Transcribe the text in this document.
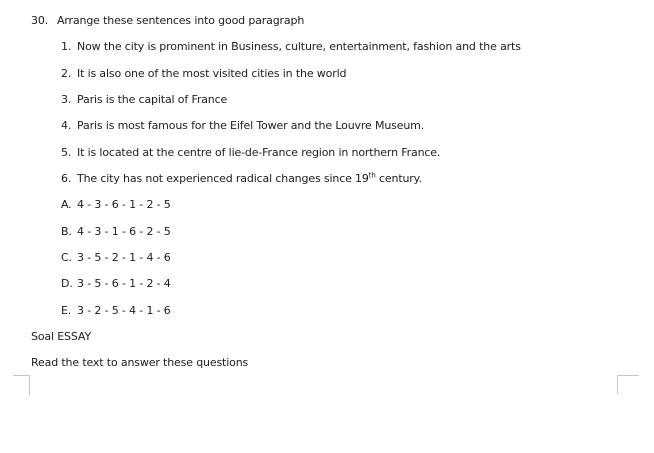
30. Arrange these sentences into good paragraph
1. Now the city is prominent in Business, culture, entertainment, fashion and the arts
2. It is also one of the most visited cities in the world
3. Paris is the capital of France
4. Paris is most famous for the Eifel Tower and the Louvre Museum.
5. It is located at the centre of lie-de-France region in northern France.
6. The city has not experienced radical changes since 19th century.
A. 4 - 3 - 6 - 1 - 2 - 5
B. 4 - 3 - 1 - 6 - 2 - 5
C. 3 - 5 - 2 - 1 - 4 - 6
D. 3 - 5 - 6 - 1 - 2 - 4
E. 3 - 2 - 5 - 4 - 1 - 6
Soal ESSAY
Read the text to answer these questions
